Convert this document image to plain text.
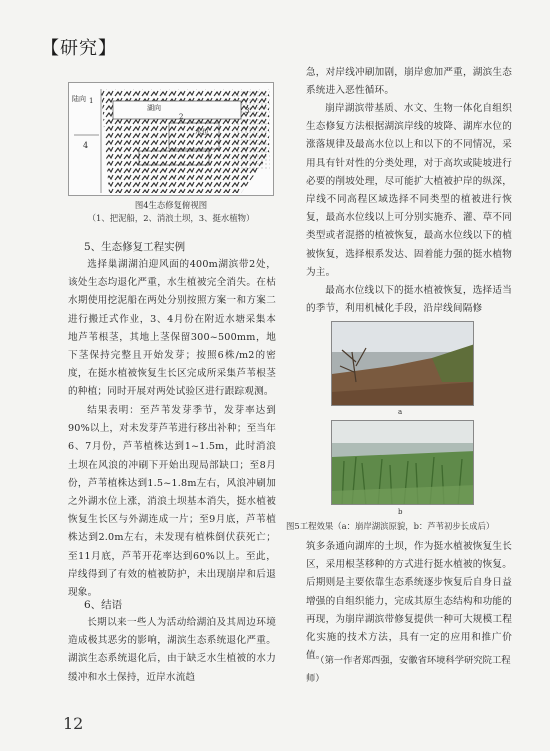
【研究】
陆向
湖向
水位
1
2
3
4
图4生态修复俯视图
（1、把泥船，2、消浪土坝，3、挺水植物）
5、生态修复工程实例
选择巢湖湖泊迎风面的400m湖滨带2处，该处生态均退化严重，水生植被完全消失。在枯水期使用挖泥船在两处分别按照方案一和方案二进行搬迁式作业，3、4月份在附近水塘采集本地芦苇根茎，其地上茎保留300~500mm，地下茎保持完整且开始发芽；按照6株/m2的密度，在挺水植被恢复生长区完成所采集芦苇根茎的种植；同时开展对两处试验区进行跟踪观测。
结果表明：至芦苇发芽季节，发芽率达到90%以上，对未发芽芦苇进行移出补种；至当年6、7月份，芦苇植株达到1~1.5m，此时消浪土坝在风浪的冲刷下开始出现局部缺口；至8月份，芦苇植株达到1.5~1.8m左右，风浪冲刷加之外湖水位上涨，消浪土坝基本消失，挺水植被恢复生长区与外湖连成一片；至9月底，芦苇植株达到2.0m左右，未发现有植株倒伏获死亡；至11月底，芦苇开花率达到60%以上。至此，岸线得到了有效的植被防护，未出现崩岸和后退现象。
6、结语
长期以来一些人为活动给湖泊及其周边环境造成极其恶劣的影响，湖滨生态系统退化严重。湖滨生态系统退化后，由于缺乏水生植被的水力缓冲和水土保持，近岸水流趋
急，对岸线冲刷加剧，崩岸愈加严重，湖滨生态系统进入恶性循环。
崩岸湖滨带基质、水文、生物一体化自组织生态修复方法根据湖滨岸线的坡降、湖库水位的涨落规律及最高水位以上和以下的不同情况，采用具有针对性的分类处理，对于高坎或陡坡进行必要的削坡处理，尽可能扩大植被护岸的纵深，岸线不同高程区域选择不同类型的植被进行恢复，最高水位线以上可分别实施乔、灌、草不同类型或者混搭的植被恢复，最高水位线以下的植被恢复，选择根系发达、固着能力强的挺水植物为主。
最高水位线以下的挺水植被恢复，选择适当的季节，利用机械化手段，沿岸线间隔修
a
b
图5工程效果（a：崩岸湖滨原貌，b：芦苇初步长成后）
筑多条通向湖库的土坝，作为挺水植被恢复生长区，采用根茎移种的方式进行挺水植被的恢复。后期则是主要依靠生态系统逐步恢复后自身日益增强的自组织能力，完成其原生态结构和功能的再现，为崩岸湖滨带修复提供一种可大规模工程化实施的技术方法，具有一定的应用和推广价值。
（第一作者郑西强，安徽省环境科学研究院工程师）
12
